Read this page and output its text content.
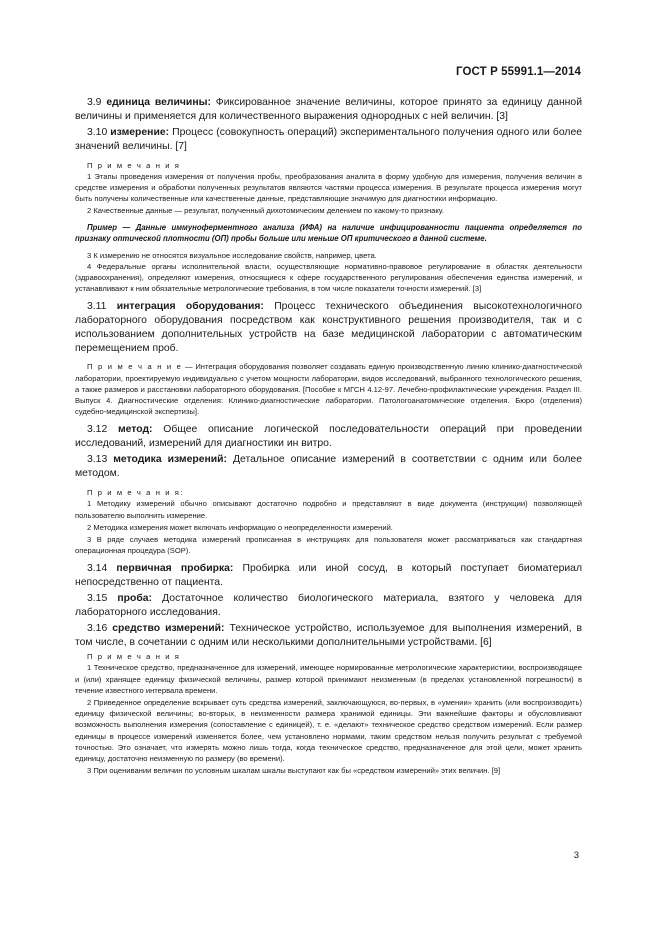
ГОСТ Р 55991.1—2014

3.9 единица величины: Фиксированное значение величины, которое принято за единицу данной величины и применяется для количественного выражения однородных с ней величин. [3]

3.10 измерение: Процесс (совокупность операций) экспериментального получения одного или более значений величины. [7]

П р и м е ч а н и я

1 Этапы проведения измерения от получения пробы, преобразования аналита в форму удобную для измерения, получения величин в средстве измерения и обработки полученных результатов являются частями процесса измерения. В результате процесса измерения могут быть получены количественные или качественные данные, представляющие значимую для диагностики информацию.

2 Качественные данные — результат, полученный дихотомическим делением по какому-то признаку.

Пример — Данные иммуноферментного анализа (ИФА) на наличие инфицированности пациента определяется по признаку оптической плотности (ОП) пробы больше или меньше ОП критического в данной системе.

3 К измерению не относятся визуальное исследование свойств, например, цвета.

4 Федеральные органы исполнительной власти, осуществляющие нормативно-правовое регулирование в областях деятельности (здравоохранения), определяют измерения, относящиеся к сфере государственного регулирования обеспечения единства измерений, и устанавливают к ним обязательные метрологические требования, в том числе показатели точности измерений. [3]

3.11 интеграция оборудования: Процесс технического объединения высокотехнологичного лабораторного оборудования посредством как конструктивного решения производителя, так и с использованием дополнительных устройств на базе медицинской лаборатории с автоматическим перемещением проб.

П р и м е ч а н и е — Интеграция оборудования позволяет создавать единую производственную линию клинико-диагностической лаборатории, проектируемую индивидуально с учетом мощности лаборатории, видов исследований, выбранного технологического решения, а также размеров и расстановки лабораторного оборудования. [Пособие к МГСН 4.12-97. Лечебно-профилактические учреждения. Раздел III. Выпуск 4. Диагностические отделения: Клинико-диагностические лаборатории. Патологоанатомические отделения. Бюро (отделения) судебно-медицинской экспертизы].

3.12 метод: Общее описание логической последовательности операций при проведении исследований, измерений для диагностики ин витро.

3.13 методика измерений: Детальное описание измерений в соответствии с одним или более методом.

П р и м е ч а н и я:

1 Методику измерений обычно описывают достаточно подробно и представляют в виде документа (инструкции) позволяющей пользователю выполнить измерение.

2 Методика измерения может включать информацию о неопределенности измерений.

3 В ряде случаев методика измерений прописанная в инструкциях для пользователя может рассматриваться как стандартная операционная процедура (SOP).

3.14 первичная пробирка: Пробирка или иной сосуд, в который поступает биоматериал непосредственно от пациента.

3.15 проба: Достаточное количество биологического материала, взятого у человека для лабораторного исследования.

3.16 средство измерений: Техническое устройство, используемое для выполнения измерений, в том числе, в сочетании с одним или несколькими дополнительными устройствами. [6]

П р и м е ч а н и я

1 Техническое средство, предназначенное для измерений, имеющее нормированные метрологические характеристики, воспроизводящее и (или) хранящее единицу физической величины, размер которой принимают неизменным (в пределах установленной погрешности) в течение известного интервала времени.

2 Приведенное определение вскрывает суть средства измерений, заключающуюся, во-первых, в «умении» хранить (или воспроизводить) единицу физической величины; во-вторых, в неизменности размера хранимой единицы. Эти важнейшие факторы и обусловливают возможность выполнения измерения (сопоставление с единицей), т. е. «делают» техническое средство средством измерений. Если размер единицы в процессе измерений изменяется более, чем установлено нормами, таким средством нельзя получить результат с требуемой точностью. Это означает, что измерять можно лишь тогда, когда техническое средство, предназначенное для этой цели, может хранить единицу, достаточно неизменную по размеру (во времени).

3 При оценивании величин по условным шкалам шкалы выступают как бы «средством измерений» этих величин. [9]

3
